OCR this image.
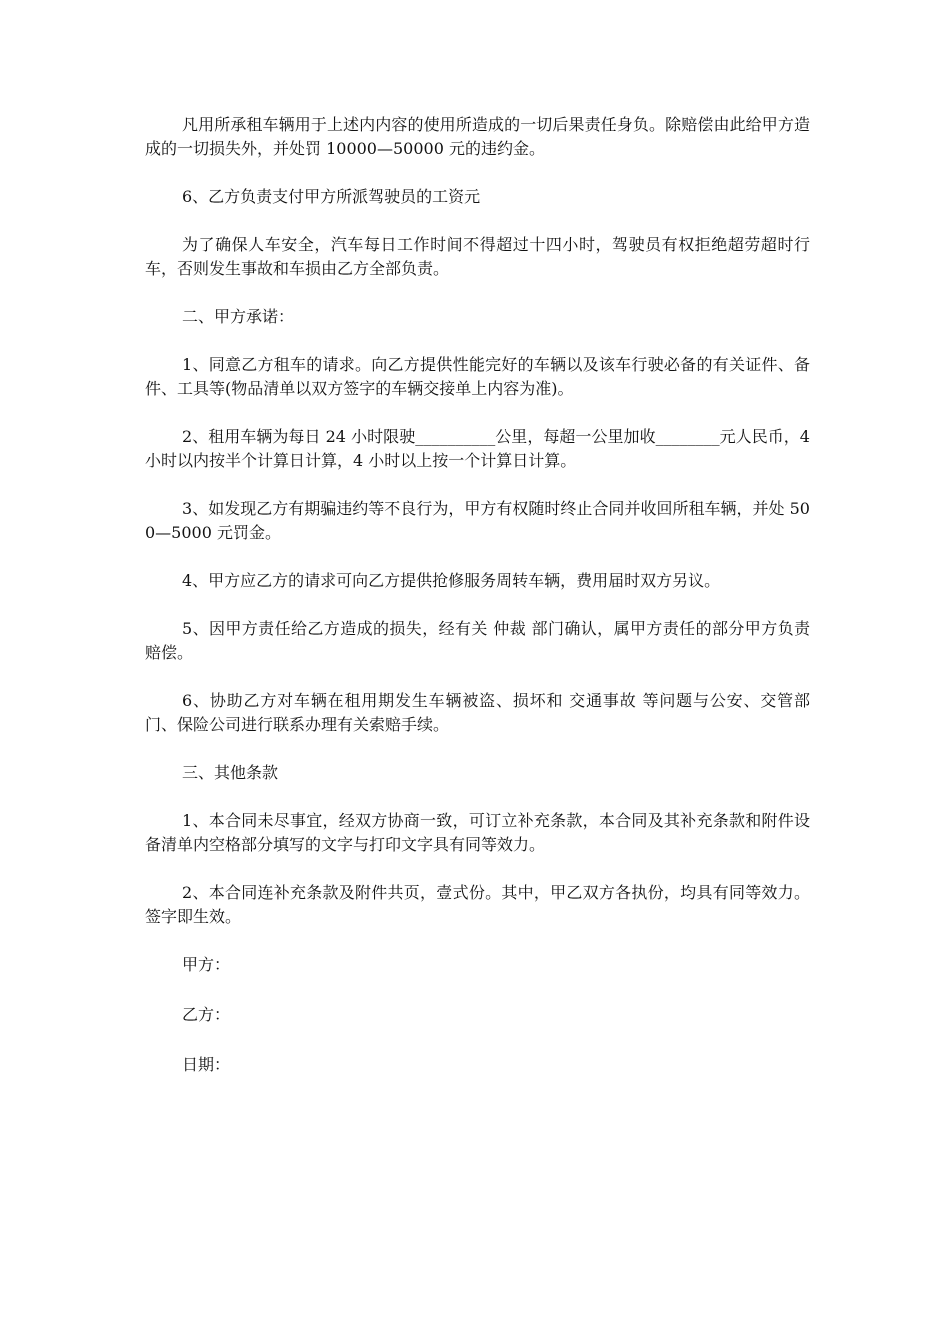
凡用所承租车辆用于上述内内容的使用所造成的一切后果责任身负。除赔偿由此给甲方造成的一切损失外，并处罚 10000—50000 元的违约金。

6、乙方负责支付甲方所派驾驶员的工资元

为了确保人车安全，汽车每日工作时间不得超过十四小时，驾驶员有权拒绝超劳超时行车，否则发生事故和车损由乙方全部负责。

二、甲方承诺：

1、同意乙方租车的请求。向乙方提供性能完好的车辆以及该车行驶必备的有关证件、备件、工具等(物品清单以双方签字的车辆交接单上内容为准)。

2、租用车辆为每日 24 小时限驶__________公里，每超一公里加收________元人民币，4 小时以内按半个计算日计算，4 小时以上按一个计算日计算。

3、如发现乙方有期骗违约等不良行为，甲方有权随时终止合同并收回所租车辆，并处 500—5000 元罚金。

4、甲方应乙方的请求可向乙方提供抢修服务周转车辆，费用届时双方另议。

5、因甲方责任给乙方造成的损失，经有关 仲裁 部门确认，属甲方责任的部分甲方负责赔偿。

6、协助乙方对车辆在租用期发生车辆被盗、损坏和 交通事故 等问题与公安、交管部门、保险公司进行联系办理有关索赔手续。

三、其他条款

1、本合同未尽事宜，经双方协商一致，可订立补充条款，本合同及其补充条款和附件设备清单内空格部分填写的文字与打印文字具有同等效力。

2、本合同连补充条款及附件共页，壹式份。其中，甲乙双方各执份，均具有同等效力。签字即生效。

甲方：

乙方：

日期：
